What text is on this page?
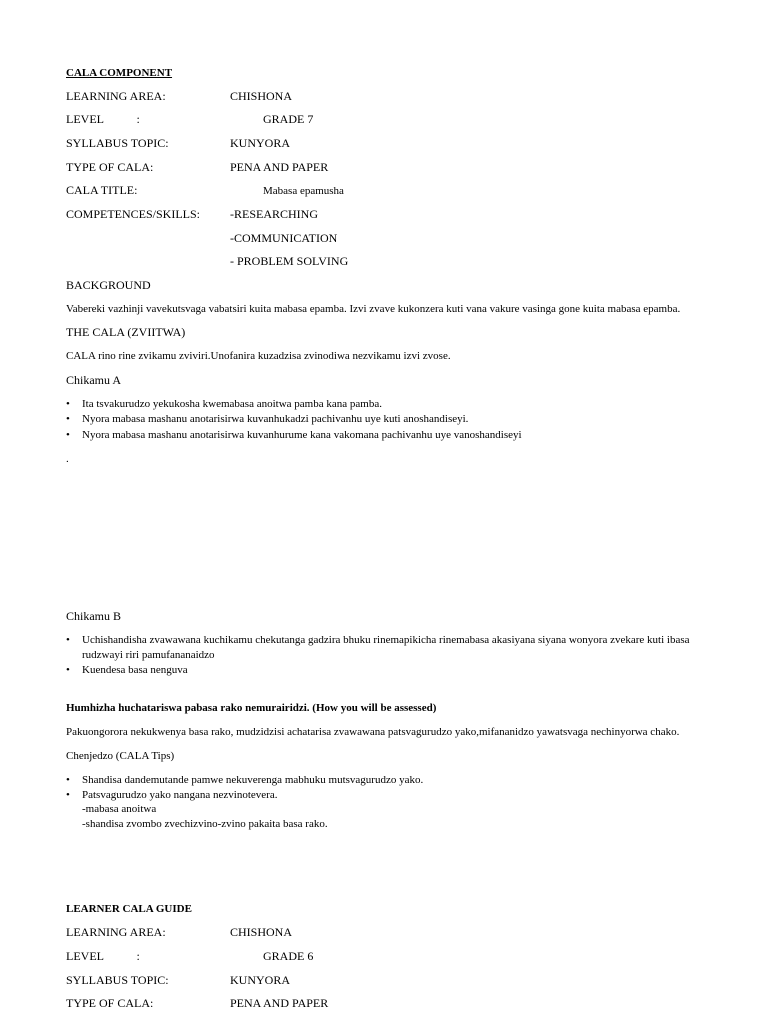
CALA COMPONENT
LEARNING AREA:	CHISHONA
LEVEL           :	GRADE 7
SYLLABUS TOPIC:	KUNYORA
TYPE OF CALA:	PENA AND PAPER
CALA TITLE:	Mabasa epamusha
COMPETENCES/SKILLS: -RESEARCHING
-COMMUNICATION
- PROBLEM SOLVING
BACKGROUND
Vabereki vazhinji vavekutsvaga vabatsiri kuita mabasa epamba. Izvi zvave kukonzera kuti vana vakure vasinga gone kuita mabasa epamba.
THE CALA (ZVIITWA)
CALA rino rine zvikamu zviviri.Unofanira kuzadzisa zvinodiwa nezvikamu izvi zvose.
Chikamu A
• Ita tsvakurudzo yekukosha kwemabasa anoitwa pamba kana pamba.
• Nyora mabasa mashanu anotarisirwa kuvanhukadzi pachivanhu uye kuti anoshandiseyi.
• Nyora mabasa mashanu anotarisirwa kuvanhurume kana vakomana pachivanhu uye vanoshandiseyi
.
Chikamu B
• Uchishandisha zvawawana kuchikamu chekutanga gadzira bhuku rinemapikicha rinemabasa akasiyana siyana wonyora zvekare kuti ibasa rudzwayi riri pamufananaidzo
• Kuendesa basa nenguva
Humhizha huchatariswa pabasa rako nemurairidzi. (How you will be assessed)
Pakuongorora nekukwenya basa rako, mudzidzisi achatarisa zvawawana patsvagurudzo yako,mifananidzo yawatsvaga nechinyorwa chako.
Chenjedzo (CALA Tips)
• Shandisa dandemutande pamwe nekuverenga mabhuku mutsvagurudzo yako.
• Patsvagurudzo yako nangana nezvinotevera.
-mabasa anoitwa
-shandisa zvombo zvechizvino-zvino pakaita basa rako.
LEARNER CALA GUIDE
LEARNING AREA:	CHISHONA
LEVEL           :	GRADE 6
SYLLABUS TOPIC:	KUNYORA
TYPE OF CALA:	PENA AND PAPER
